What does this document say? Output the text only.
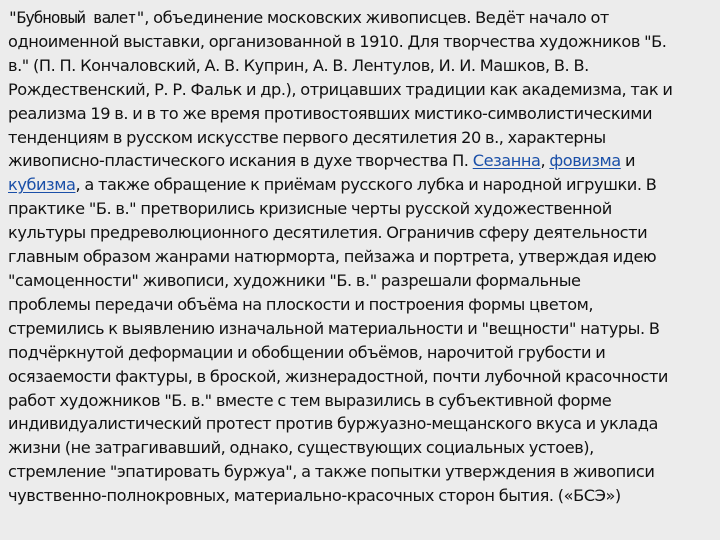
"Бубновый валет", объединение московских живописцев. Ведёт начало от
одноименной выставки, организованной в 1910. Для творчества художников "Б.
в." (П. П. Кончаловский, А. В. Куприн, А. В. Лентулов, И. И. Машков, В. В.
Рождественский, Р. Р. Фальк и др.), отрицавших традиции как академизма, так и
реализма 19 в. и в то же время противостоявших мистико-символистическими
тенденциям в русском искусстве первого десятилетия 20 в., характерны
живописно-пластического искания в духе творчества П. Сезанна, фовизма и
кубизма, а также обращение к приёмам русского лубка и народной игрушки. В
практике "Б. в." претворились кризисные черты русской художественной
культуры предреволюционного десятилетия. Ограничив сферу деятельности
главным образом жанрами натюрморта, пейзажа и портрета, утверждая идею
"самоценности" живописи, художники "Б. в." разрешали формальные
проблемы передачи объёма на плоскости и построения формы цветом,
стремились к выявлению изначальной материальности и "вещности" натуры. В
подчёркнутой деформации и обобщении объёмов, нарочитой грубости и
осязаемости фактуры, в броской, жизнерадостной, почти лубочной красочности
работ художников "Б. в." вместе с тем выразились в субъективной форме
индивидуалистический протест против буржуазно-мещанского вкуса и уклада
жизни (не затрагивавший, однако, существующих социальных устоев),
стремление "эпатировать буржуа", а также попытки утверждения в живописи
чувственно-полнокровных, материально-красочных сторон бытия. («БСЭ»)
